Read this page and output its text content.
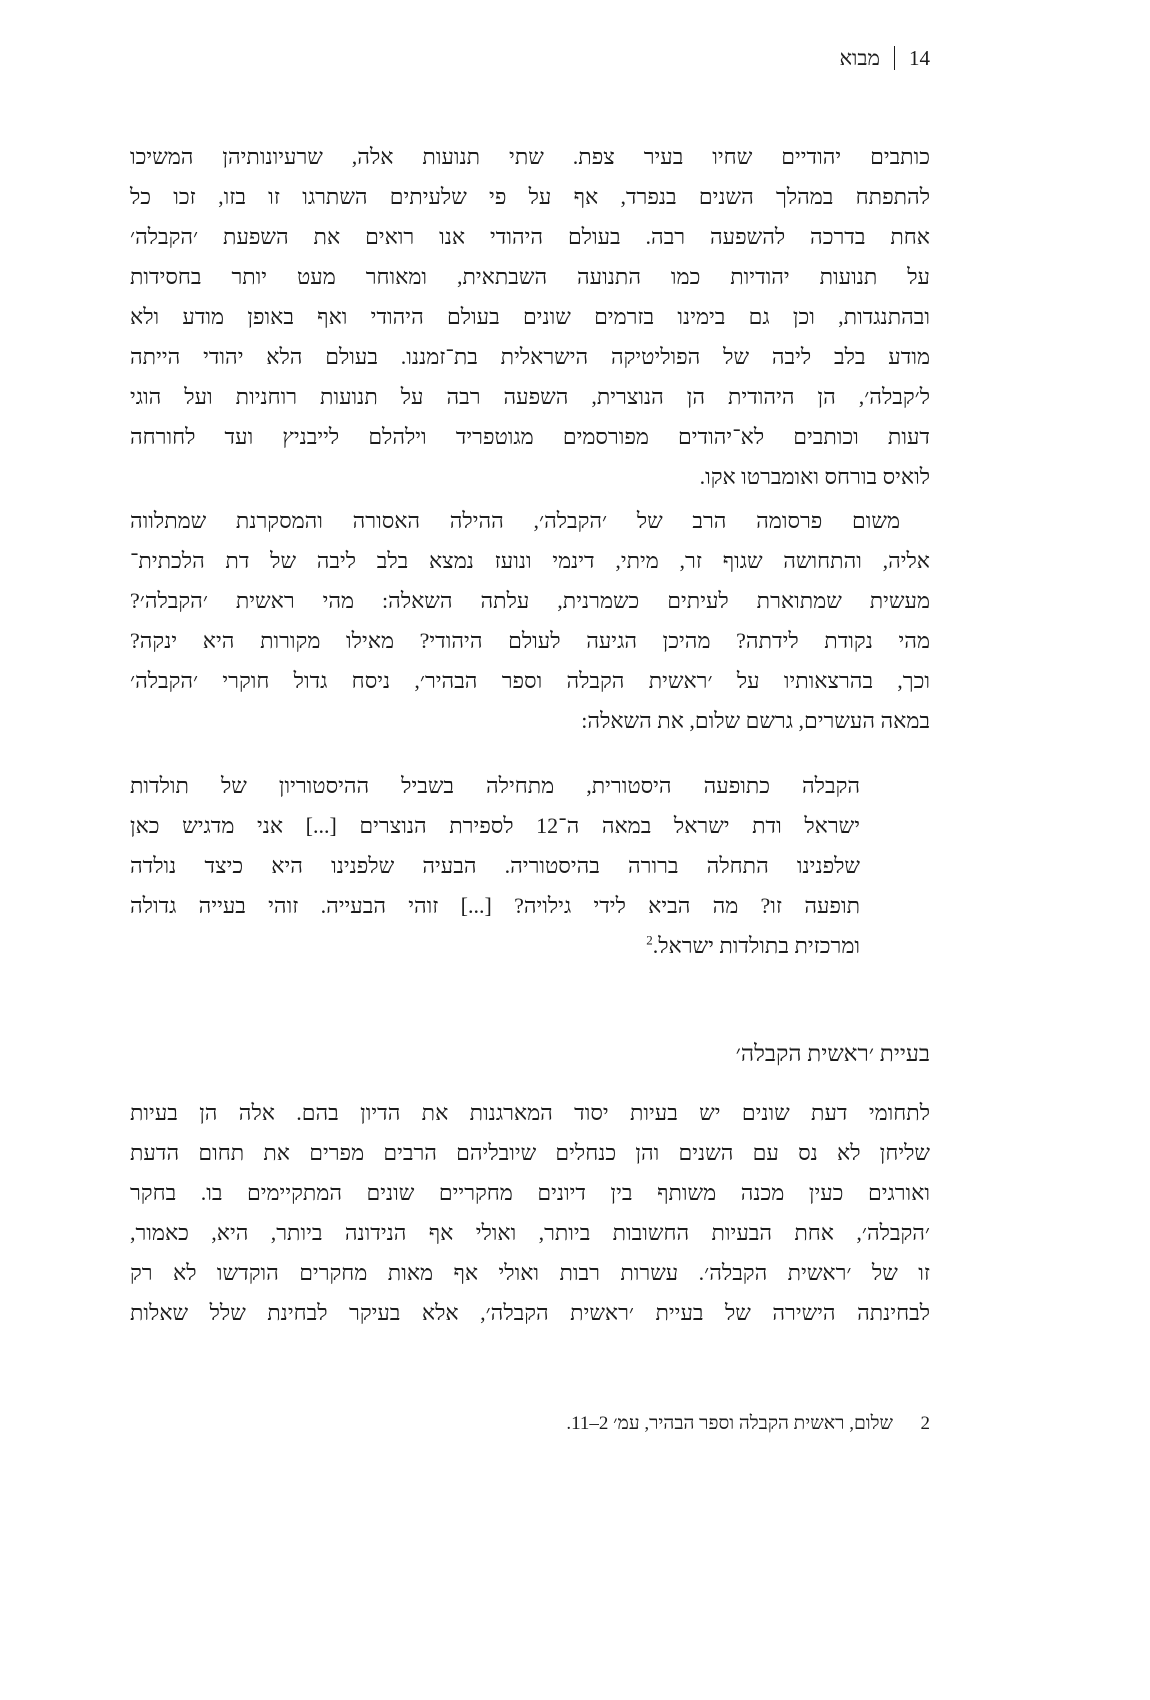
14
מבוא
כותבים יהודיים שחיו בעיר צפת. שתי תנועות אלה, שרעיונותיהן המשיכו
להתפתח במהלך השנים בנפרד, אף על פי שלעיתים השתרגו זו בזו, זכו כל
אחת בדרכה להשפעה רבה. בעולם היהודי אנו רואים את השפעת ׳הקבלה׳
על תנועות יהודיות כמו התנועה השבתאית, ומאוחר מעט יותר בחסידות
ובהתנגדות, וכן גם בימינו בזרמים שונים בעולם היהודי ואף באופן מודע ולא
מודע בלב ליבה של הפוליטיקה הישראלית בת־זמננו. בעולם הלא יהודי הייתה
ל׳קבלה׳, הן היהודית הן הנוצרית, השפעה רבה על תנועות רוחניות ועל הוגי
דעות וכותבים לא־יהודים מפורסמים מגוטפריד וילהלם לייבניץ ועד לחורחה
לואיס בורחס ואומברטו אקו.
משום פרסומה הרב של ׳הקבלה׳, ההילה האסורה והמסקרנת שמתלווה
אליה, והתחושה שגוף זר, מיתי, דינמי ונועז נמצא בלב ליבה של דת הלכתית־
מעשית שמתוארת לעיתים כשמרנית, עלתה השאלה: מהי ראשית ׳הקבלה׳?
מהי נקודת לידתה? מהיכן הגיעה לעולם היהודי? מאילו מקורות היא ינקה?
וכך, בהרצאותיו על ׳ראשית הקבלה וספר הבהיר׳, ניסח גדול חוקרי ׳הקבלה׳
במאה העשרים, גרשם שלום, את השאלה:
הקבלה כתופעה היסטורית, מתחילה בשביל ההיסטוריון של תולדות
ישראל ודת ישראל במאה ה־12 לספירת הנוצרים [...] אני מדגיש כאן
שלפנינו התחלה ברורה בהיסטוריה. הבעיה שלפנינו היא כיצד נולדה
תופעה זו? מה הביא לידי גילויה? [...] זוהי הבעייה. זוהי בעייה גדולה
ומרכזית בתולדות ישראל.$^2$
בעיית ׳ראשית הקבלה׳
לתחומי דעת שונים יש בעיות יסוד המארגנות את הדיון בהם. אלה הן בעיות
שליחן לא נס עם השנים והן כנחלים שיובליהם הרבים מפרים את תחום הדעת
ואורגים כעין מכנה משותף בין דיונים מחקריים שונים המתקיימים בו. בחקר
׳הקבלה׳, אחת הבעיות החשובות ביותר, ואולי אף הנידונה ביותר, היא, כאמור,
זו של ׳ראשית הקבלה׳. עשרות רבות ואולי אף מאות מחקרים הוקדשו לא רק
לבחינתה הישירה של בעיית ׳ראשית הקבלה׳, אלא בעיקר לבחינת שלל שאלות
2
שלום, ראשית הקבלה וספר הבהיר, עמ׳ 2–11.
